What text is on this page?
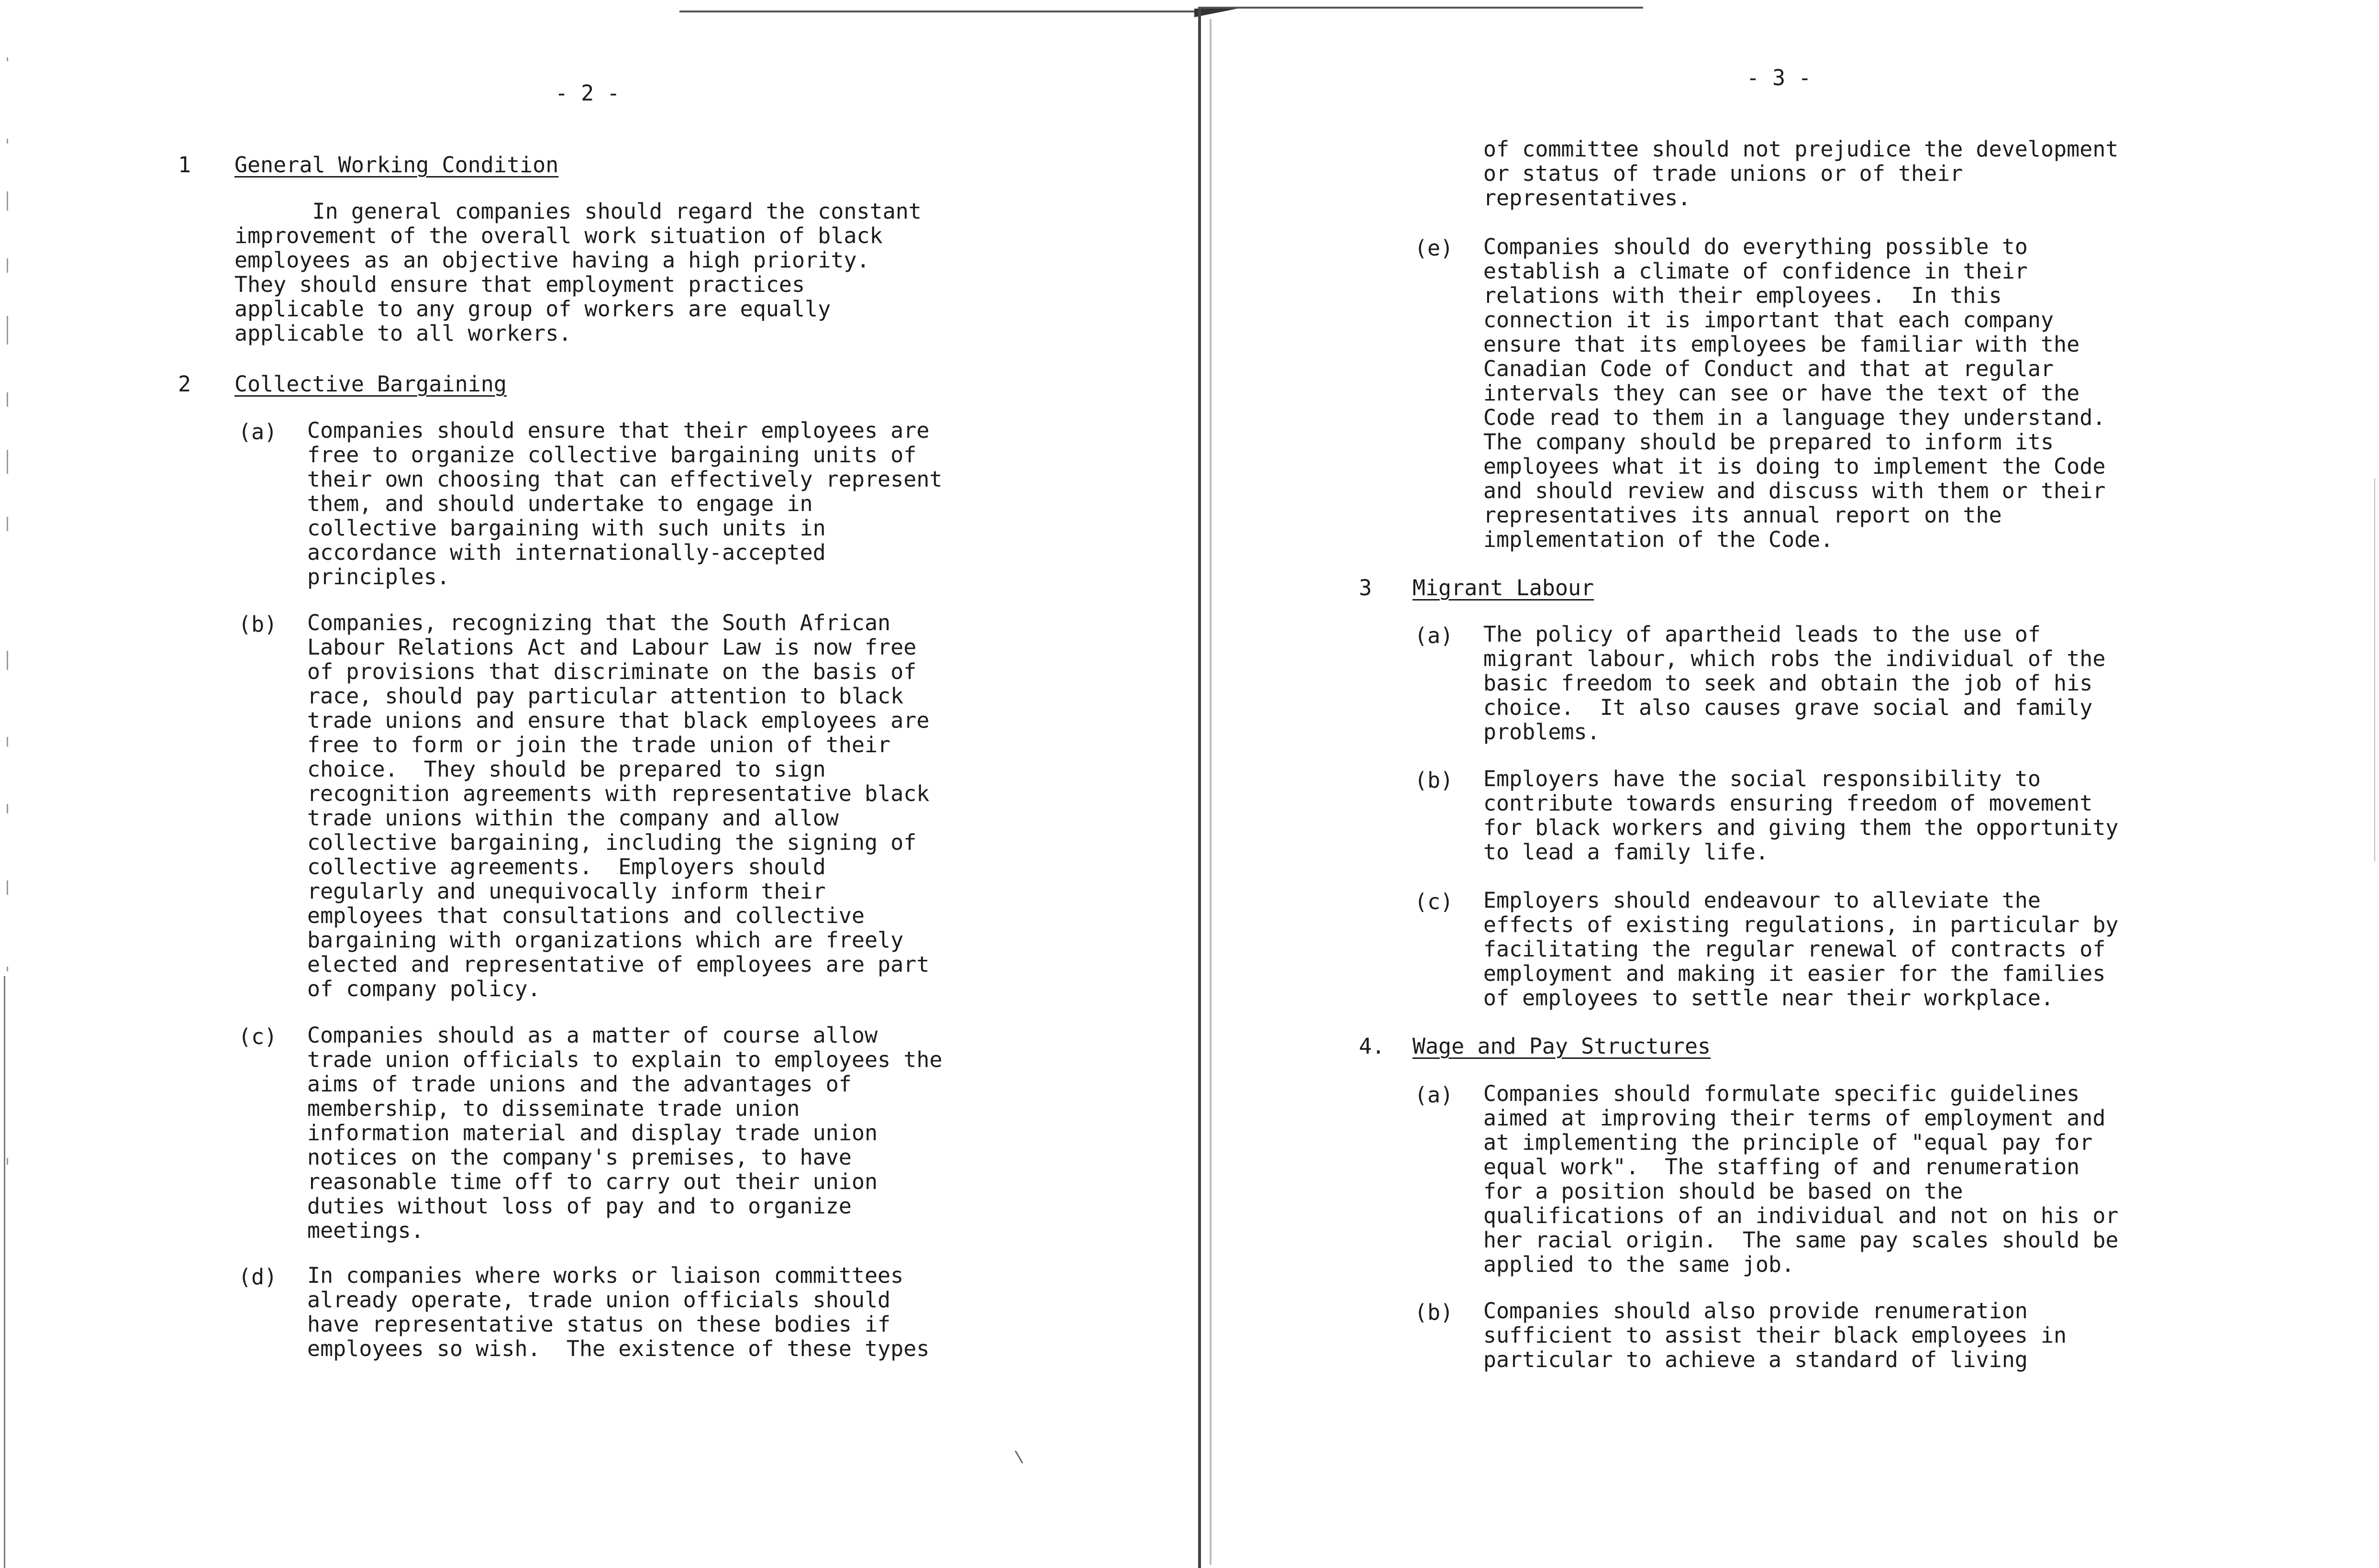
- 2 -
1 General Working Condition
In general companies should regard the constant
improvement of the overall work situation of black
employees as an objective having a high priority.
They should ensure that employment practices
applicable to any group of workers are equally
applicable to all workers.
2 Collective Bargaining
(a) Companies should ensure that their employees are
free to organize collective bargaining units of
their own choosing that can effectively represent
them, and should undertake to engage in
collective bargaining with such units in
accordance with internationally-accepted
principles.
(b) Companies, recognizing that the South African
Labour Relations Act and Labour Law is now free
of provisions that discriminate on the basis of
race, should pay particular attention to black
trade unions and ensure that black employees are
free to form or join the trade union of their
choice.  They should be prepared to sign
recognition agreements with representative black
trade unions within the company and allow
collective bargaining, including the signing of
collective agreements.  Employers should
regularly and unequivocally inform their
employees that consultations and collective
bargaining with organizations which are freely
elected and representative of employees are part
of company policy.
(c) Companies should as a matter of course allow
trade union officials to explain to employees the
aims of trade unions and the advantages of
membership, to disseminate trade union
information material and display trade union
notices on the company's premises, to have
reasonable time off to carry out their union
duties without loss of pay and to organize
meetings.
(d) In companies where works or liaison committees
already operate, trade union officials should
have representative status on these bodies if
employees so wish.  The existence of these types
- 3 -
of committee should not prejudice the development
or status of trade unions or of their
representatives.
(e) Companies should do everything possible to
establish a climate of confidence in their
relations with their employees.  In this
connection it is important that each company
ensure that its employees be familiar with the
Canadian Code of Conduct and that at regular
intervals they can see or have the text of the
Code read to them in a language they understand.
The company should be prepared to inform its
employees what it is doing to implement the Code
and should review and discuss with them or their
representatives its annual report on the
implementation of the Code.
3 Migrant Labour
(a) The policy of apartheid leads to the use of
migrant labour, which robs the individual of the
basic freedom to seek and obtain the job of his
choice.  It also causes grave social and family
problems.
(b) Employers have the social responsibility to
contribute towards ensuring freedom of movement
for black workers and giving them the opportunity
to lead a family life.
(c) Employers should endeavour to alleviate the
effects of existing regulations, in particular by
facilitating the regular renewal of contracts of
employment and making it easier for the families
of employees to settle near their workplace.
4. Wage and Pay Structures
(a) Companies should formulate specific guidelines
aimed at improving their terms of employment and
at implementing the principle of "equal pay for
equal work".  The staffing of and renumeration
for a position should be based on the
qualifications of an individual and not on his or
her racial origin.  The same pay scales should be
applied to the same job.
(b) Companies should also provide renumeration
sufficient to assist their black employees in
particular to achieve a standard of living
